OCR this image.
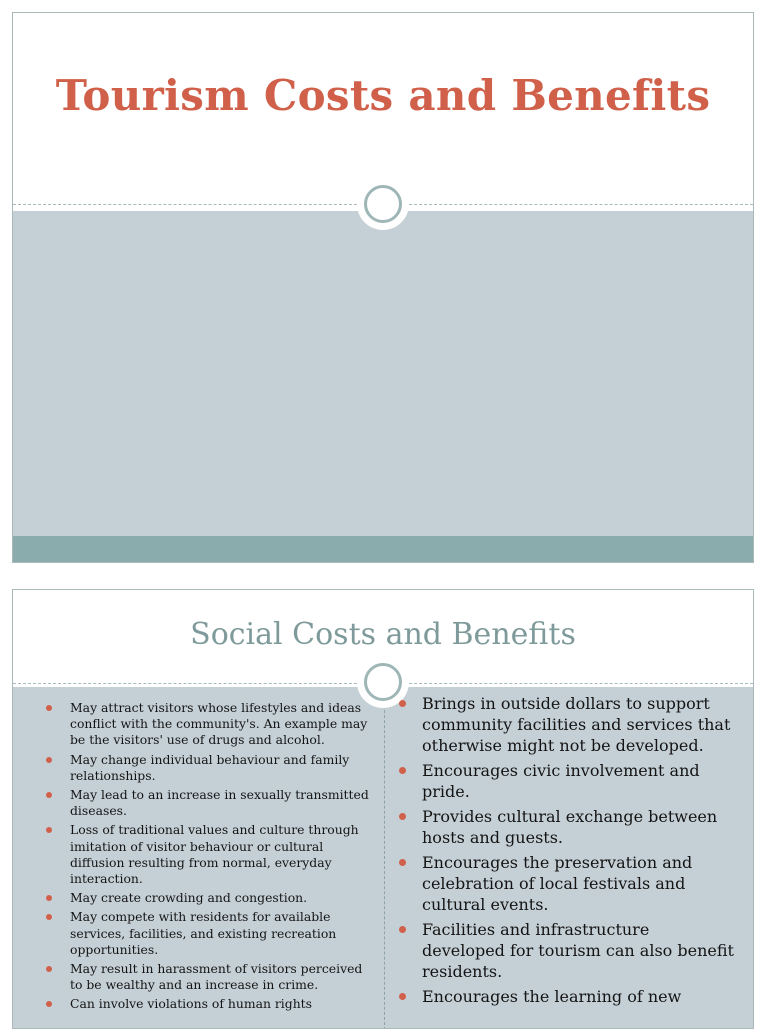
Tourism Costs and Benefits
Social Costs and Benefits
May attract visitors whose lifestyles and ideas conflict with the community's. An example may be the visitors' use of drugs and alcohol.
May change individual behaviour and family relationships.
May lead to an increase in sexually transmitted diseases.
Loss of traditional values and culture through imitation of visitor behaviour or cultural diffusion resulting from normal, everyday interaction.
May create crowding and congestion.
May compete with residents for available services, facilities, and existing recreation opportunities.
May result in harassment of visitors perceived to be wealthy and an increase in crime.
Can involve violations of human rights
Brings in outside dollars to support community facilities and services that otherwise might not be developed.
Encourages civic involvement and pride.
Provides cultural exchange between hosts and guests.
Encourages the preservation and celebration of local festivals and cultural events.
Facilities and infrastructure developed for tourism can also benefit residents.
Encourages the learning of new
